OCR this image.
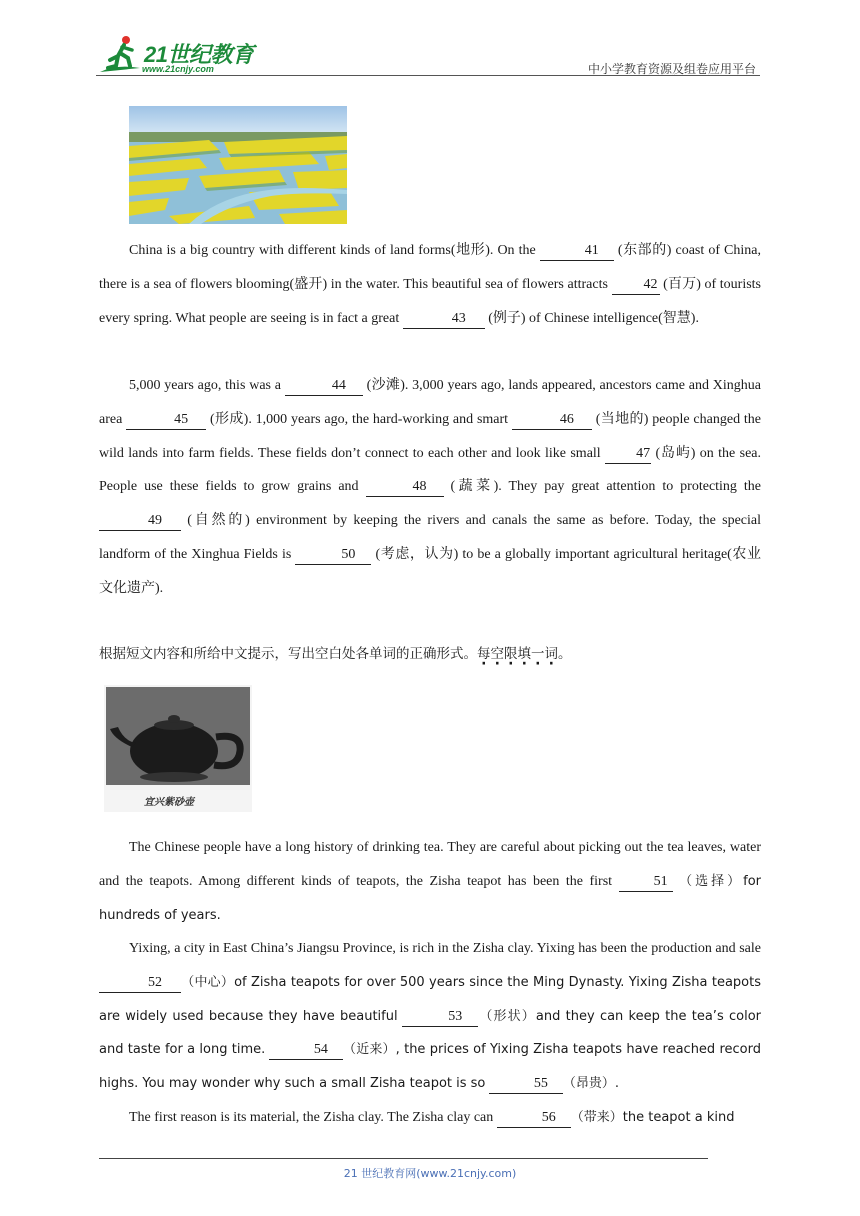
21世纪教育
www.21cnjy.com	中小学教育资源及组卷应用平台

China is a big country with different kinds of land forms(地形). On the	41 (东部的) coast of China, there is a sea of flowers blooming(盛开) in the water. This beautiful sea of flowers attracts	42 (百万) of tourists every spring. What people are seeing is in fact a great	43 (例子) of Chinese intelligence(智慧).

5,000 years ago, this was a	44 (沙滩). 3,000 years ago, lands appeared, ancestors came and Xinghua area	45 (形成). 1,000 years ago, the hard-working and smart	46 (当地的) people changed the wild lands into farm fields. These fields don’t connect to each other and look like small	47 (岛屿) on the sea. People use these fields to grow grains and	48 (蔬菜). They pay great attention to protecting the 49 (自然的) environment by keeping the rivers and canals the same as before. Today, the special landform of the Xinghua Fields is	50 (考虑，认为) to be a globally important agricultural heritage(农业文化遗产).

根据短文内容和所给中文提示，写出空白处各单词的正确形式。每空限填一词。
宜兴紫砂壶

The Chinese people have a long history of drinking tea. They are careful about picking out the tea leaves, water and the teapots. Among different kinds of teapots, the Zisha teapot has been the first	51 （选择）for hundreds of years.

Yixing, a city in East China’s Jiangsu Province, is rich in the Zisha clay. Yixing has been the production and sale 52 （中心）of Zisha teapots for over 500 years since the Ming Dynasty. Yixing Zisha teapots are widely used because they have beautiful	53 （形状）and they can keep the tea’s color and taste for a long time.	54 （近来）, the prices of Yixing Zisha teapots have reached record highs. You may wonder why such a small Zisha teapot is so	55 （昂贵）.

The first reason is its material, the Zisha clay. The Zisha clay can	56 （带来）the teapot a kind

21 世纪教育网(www.21cnjy.com)
